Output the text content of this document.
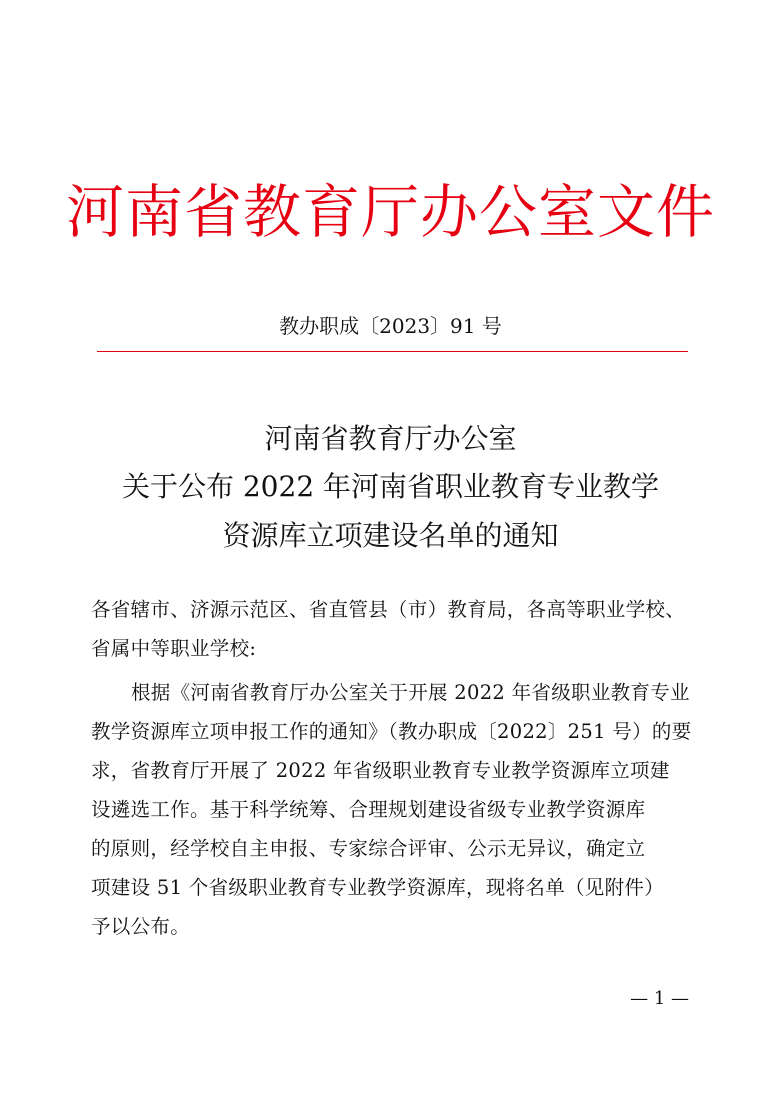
河南省教育厅办公室文件
教办职成〔2023〕91 号
河南省教育厅办公室
关于公布 2022 年河南省职业教育专业教学
资源库立项建设名单的通知
各省辖市、济源示范区、省直管县（市）教育局，各高等职业学校、
省属中等职业学校:
根据《河南省教育厅办公室关于开展 2022 年省级职业教育专业
教学资源库立项申报工作的通知》（教办职成〔2022〕251 号）的要
求，省教育厅开展了 2022 年省级职业教育专业教学资源库立项建
设遴选工作。基于科学统筹、合理规划建设省级专业教学资源库
的原则，经学校自主申报、专家综合评审、公示无异议，确定立
项建设 51 个省级职业教育专业教学资源库，现将名单（见附件）
予以公布。
— 1 —
